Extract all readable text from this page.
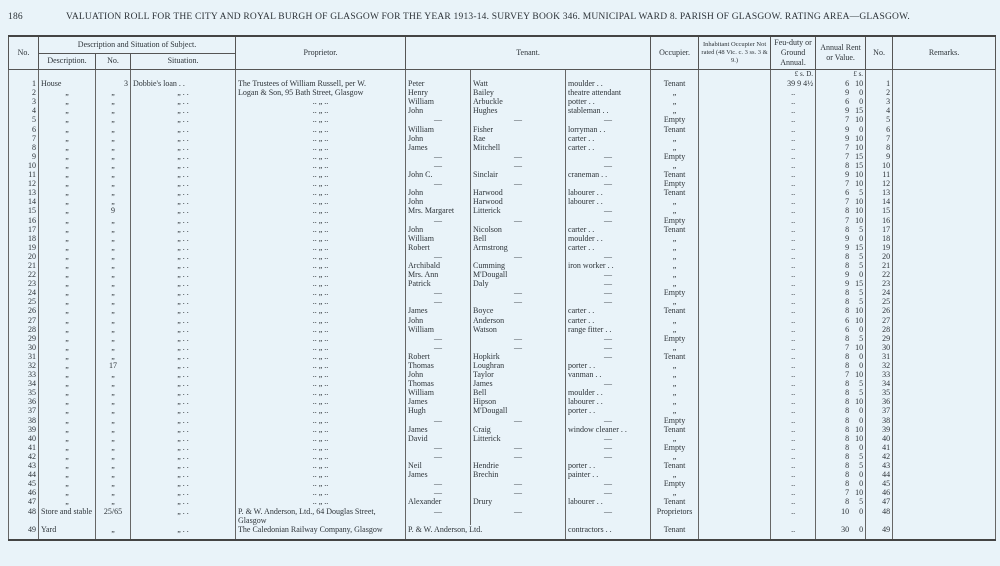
186	VALUATION ROLL FOR THE CITY AND ROYAL BURGH OF GLASGOW FOR THE YEAR 1913-14. SURVEY BOOK 346. MUNICIPAL WARD 8. PARISH OF GLASGOW. RATING AREA—GLASGOW.
No.	Description and Situation of Subject.			Proprietor.	Tenant.			Occupier.	Inhabitant Occupier Not rated (48 Vic. c. 3 ss. 3 & 9.)	Feu-duty or Ground Annual.	Annual Rent or Value.	No.	Remarks.
	Description.	No.	Situation.										
										£ s. D.	£ s.		
1	House	3	Dobbie's loan . .	The Trustees of William Russell, per W.	Peter	Watt	moulder . .	Tenant		39 9 4½	6 10	1	
2	„	„	„ . .	Logan & Son, 95 Bath Street, Glasgow	Henry	Bailey	theatre attendant	„		..	9 0	2	
3	„	„	„ . .	.. „ ..	William	Arbuckle	potter . .	„		..	6 0	3	
4	„	„	„ . .	.. „ ..	John	Hughes	stableman . .	„		..	9 15	4	
5	„	„	„ . .	.. „ ..	—	—	—	Empty		..	7 10	5	
6	„	„	„ . .	.. „ ..	William	Fisher	lorryman . .	Tenant		..	9 0	6	
7	„	„	„ . .	.. „ ..	John	Rae	carter . .	„		..	9 10	7	
8	„	„	„ . .	.. „ ..	James	Mitchell	carter . .	„		..	7 10	8	
9	„	„	„ . .	.. „ ..	—	—	—	Empty		..	7 15	9	
10	„	„	„ . .	.. „ ..	—	—	—	„		..	8 15	10	
11	„	„	„ . .	.. „ ..	John C.	Sinclair	craneman . .	Tenant		..	9 10	11	
12	„	„	„ . .	.. „ ..	—	—	—	Empty		..	7 10	12	
13	„	„	„ . .	.. „ ..	John	Harwood	labourer . .	Tenant		..	6 5	13	
14	„	„	„ . .	.. „ ..	John	Harwood	labourer . .	„		..	7 10	14	
15	„	9	„ . .	.. „ ..	Mrs. Margaret	Litterick	—	„		..	8 10	15	
16	„	„	„ . .	.. „ ..	—	—	—	Empty		..	7 10	16	
17	„	„	„ . .	.. „ ..	John	Nicolson	carter . .	Tenant		..	8 5	17	
18	„	„	„ . .	.. „ ..	William	Bell	moulder . .	„		..	9 0	18	
19	„	„	„ . .	.. „ ..	Robert	Armstrong	carter . .	„		..	9 15	19	
20	„	„	„ . .	.. „ ..	—	—	—	„		..	8 5	20	
21	„	„	„ . .	.. „ ..	Archibald	Cumming	iron worker . .	„		..	8 5	21	
22	„	„	„ . .	.. „ ..	Mrs. Ann	M'Dougall	—	„		..	9 0	22	
23	„	„	„ . .	.. „ ..	Patrick	Daly	—	„		..	9 15	23	
24	„	„	„ . .	.. „ ..	—	—	—	Empty		..	8 5	24	
25	„	„	„ . .	.. „ ..	—	—	—	„		..	8 5	25	
26	„	„	„ . .	.. „ ..	James	Boyce	carter . .	Tenant		..	8 10	26	
27	„	„	„ . .	.. „ ..	John	Anderson	carter . .	„		..	6 10	27	
28	„	„	„ . .	.. „ ..	William	Watson	range fitter . .	„		..	6 0	28	
29	„	„	„ . .	.. „ ..	—	—	—	Empty		..	8 5	29	
30	„	„	„ . .	.. „ ..	—	—	—	„		..	7 10	30	
31	„	„	„ . .	.. „ ..	Robert	Hopkirk	—	Tenant		..	8 0	31	
32	„	17	„ . .	.. „ ..	Thomas	Loughran	porter . .	„		..	8 0	32	
33	„	„	„ . .	.. „ ..	John	Taylor	vanman . .	„		..	7 10	33	
34	„	„	„ . .	.. „ ..	Thomas	James	—	„		..	8 5	34	
35	„	„	„ . .	.. „ ..	William	Bell	moulder . .	„		..	8 5	35	
36	„	„	„ . .	.. „ ..	James	Hipson	labourer . .	„		..	8 10	36	
37	„	„	„ . .	.. „ ..	Hugh	M'Dougall	porter . .	„		..	8 0	37	
38	„	„	„ . .	.. „ ..	—	—	—	Empty		..	8 0	38	
39	„	„	„ . .	.. „ ..	James	Craig	window cleaner . .	Tenant		..	8 10	39	
40	„	„	„ . .	.. „ ..	David	Litterick	—	„		..	8 10	40	
41	„	„	„ . .	.. „ ..	—	—	—	Empty		..	8 0	41	
42	„	„	„ . .	.. „ ..	—	—	—	„		..	8 5	42	
43	„	„	„ . .	.. „ ..	Neil	Hendrie	porter . .	Tenant		..	8 5	43	
44	„	„	„ . .	.. „ ..	James	Brechin	painter . .	„		..	8 0	44	
45	„	„	„ . .	.. „ ..	—	—	—	Empty		..	8 0	45	
46	„	„	„ . .	.. „ ..	—	—	—	„		..	7 10	46	
47	„	„	„ . .	.. „ ..	Alexander	Drury	labourer . .	Tenant		..	8 5	47	
48	Store and stable	25/65	„ . .	P. & W. Anderson, Ltd., 64 Douglas Street, Glasgow	—	—	—	Proprietors		..	10 0	48	
49	Yard	„	„ . .	The Caledonian Railway Company, Glasgow	P. & W. Anderson, Ltd.		contractors . .	Tenant		..	30 0	49	
